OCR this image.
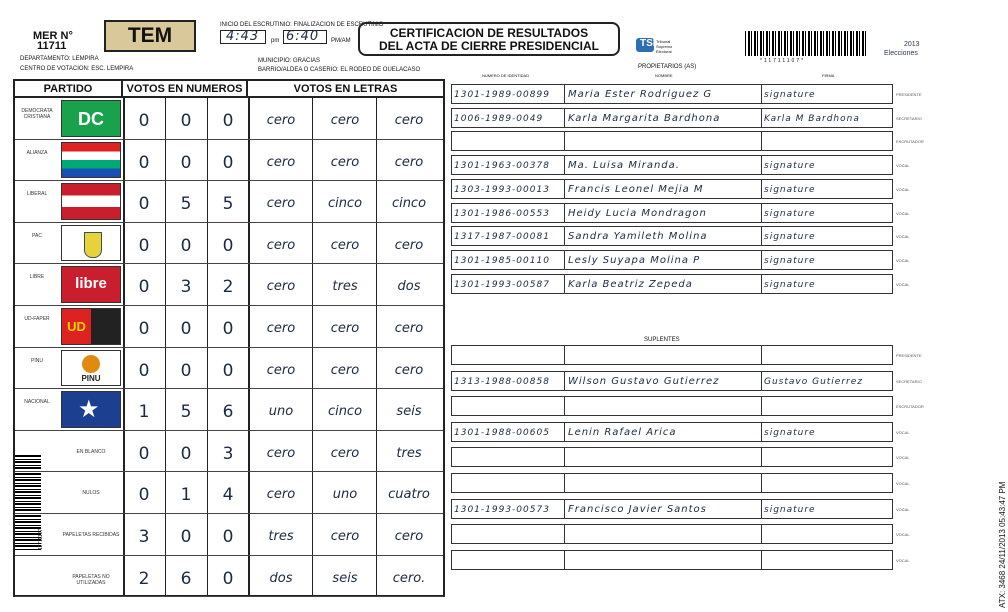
MER N°
11711	TEM
DEPARTAMENTO: LEMPIRA
CENTRO DE VOTACION: ESC. LEMPIRA
INICIO DEL ESCRUTINIO: FINALIZACION DE ESCRUTINIO
4:43 pm 6:40 PM/AM
MUNICIPIO: GRACIAS
BARRIO/ALDEA O CASERIO: EL RODEO DE OUELACASO
CERTIFICACION DE RESULTADOS
DEL ACTA DE CIERRE PRESIDENCIAL	TSE
Tribunal Supremo Electoral
PROPIETARIOS (AS)
NOMBRE	FIRMA
NUMERO DE IDENTIDAD
*11711107*
2013
Elecciones
11711107	ATX: 3468 24/11/2013 05:43:47 PM
PARTIDO	VOTOS EN NUMEROS	VOTOS EN LETRAS
DEMOCRATA CRISTIANA	DC	0	0	0	cero	cero	cero
ALIANZA	0	0	0	cero	cero	cero
LIBERAL	0	5	5	cero	cinco	cinco
PAC	0	0	0	cero	cero	cero
LIBRE	libre	0	3	2	cero	tres	dos
UD-FAPER	UD	0	0	0	cero	cero	cero
PINU
PINU	0	0	0	cero	cero	cero
NACIONAL	★	1	5	6	uno	cinco	seis
EN BLANCO	0	0	3	cero	cero	tres
NULOS	0	1	4	cero	uno	cuatro
PAPELETAS RECIBIDAS	3	0	0	tres	cero	cero
PAPELETAS NO UTILIZADAS	2	6	0	dos	seis	cero.
1301-1989-00899	Maria Ester Rodriguez G	signature	PRESIDENTE
1006-1989-0049	Karla Margarita Bardhona	Karla M Bardhona	SECRETARIO
ESCRUTADOR
1301-1963-00378	Ma. Luisa Miranda.	signature	VOCAL
1303-1993-00013	Francis Leonel Mejia M	signature	VOCAL
1301-1986-00553	Heidy Lucia Mondragon	signature	VOCAL
1317-1987-00081	Sandra Yamileth Molina	signature	VOCAL
1301-1985-00110	Lesly Suyapa Molina P	signature	VOCAL
1301-1993-00587	Karla Beatriz Zepeda	signature	VOCAL
PRESIDENTE
1313-1988-00858	Wilson Gustavo Gutierrez	Gustavo Gutierrez	SECRETARIO
ESCRUTADOR
1301-1988-00605	Lenin Rafael Arica	signature	VOCAL
VOCAL
VOCAL
1301-1993-00573	Francisco Javier Santos	signature	VOCAL
VOCAL
VOCAL
SUPLENTES
